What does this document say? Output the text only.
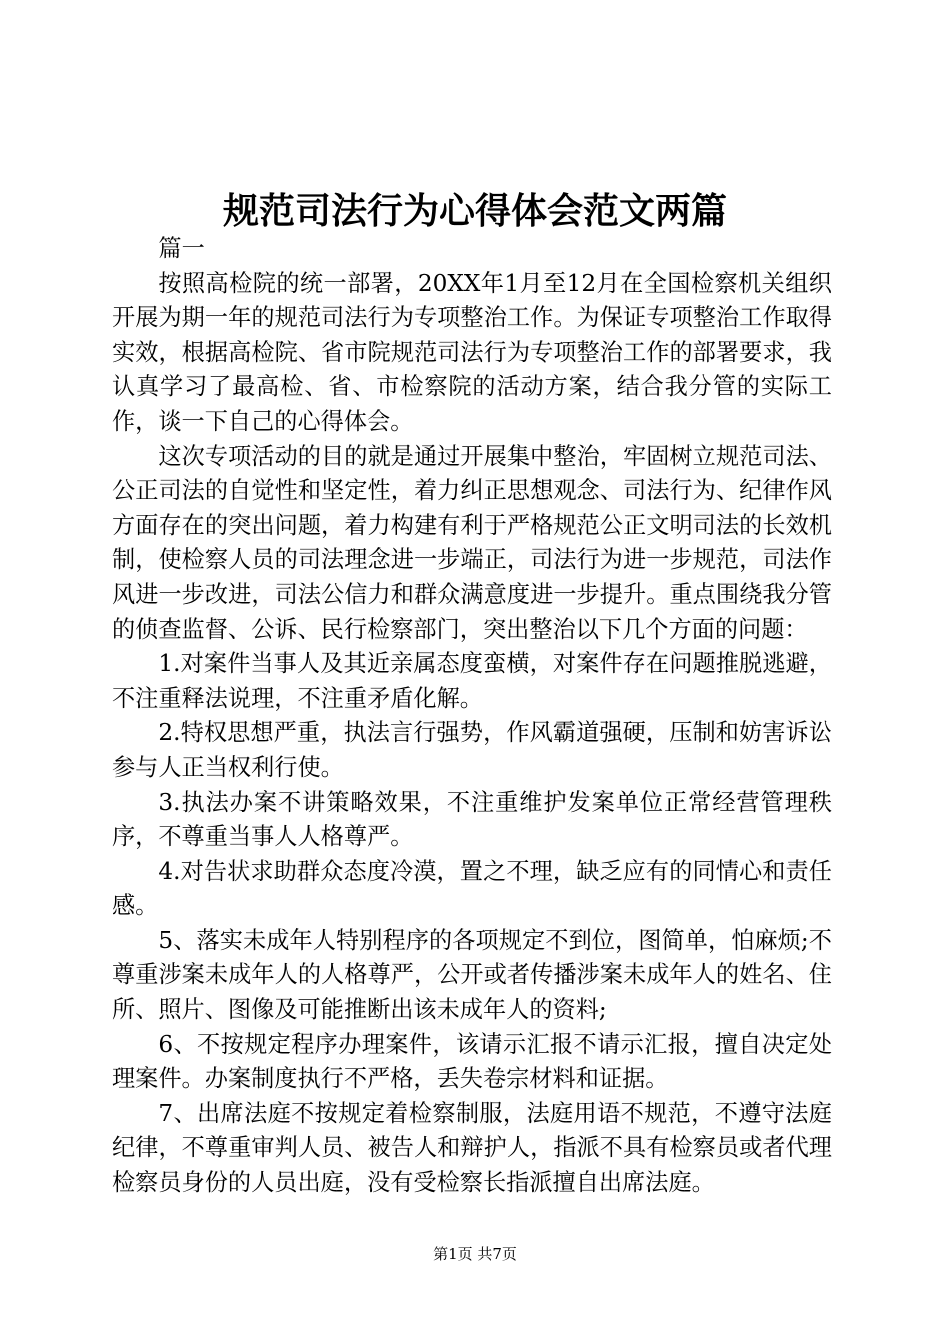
规范司法行为心得体会范文两篇

篇一

按照高检院的统一部署，20XX年1月至12月在全国检察机关组织开展为期一年的规范司法行为专项整治工作。为保证专项整治工作取得实效，根据高检院、省市院规范司法行为专项整治工作的部署要求，我认真学习了最高检、省、市检察院的活动方案，结合我分管的实际工作，谈一下自己的心得体会。

这次专项活动的目的就是通过开展集中整治，牢固树立规范司法、公正司法的自觉性和坚定性，着力纠正思想观念、司法行为、纪律作风方面存在的突出问题，着力构建有利于严格规范公正文明司法的长效机制，使检察人员的司法理念进一步端正，司法行为进一步规范，司法作风进一步改进，司法公信力和群众满意度进一步提升。重点围绕我分管的侦查监督、公诉、民行检察部门，突出整治以下几个方面的问题：

1.对案件当事人及其近亲属态度蛮横，对案件存在问题推脱逃避，不注重释法说理，不注重矛盾化解。

2.特权思想严重，执法言行强势，作风霸道强硬，压制和妨害诉讼参与人正当权利行使。

3.执法办案不讲策略效果，不注重维护发案单位正常经营管理秩序，不尊重当事人人格尊严。

4.对告状求助群众态度冷漠，置之不理，缺乏应有的同情心和责任感。

5、落实未成年人特别程序的各项规定不到位，图简单，怕麻烦;不尊重涉案未成年人的人格尊严，公开或者传播涉案未成年人的姓名、住所、照片、图像及可能推断出该未成年人的资料;

6、不按规定程序办理案件，该请示汇报不请示汇报，擅自决定处理案件。办案制度执行不严格，丢失卷宗材料和证据。

7、出席法庭不按规定着检察制服，法庭用语不规范，不遵守法庭纪律，不尊重审判人员、被告人和辩护人，指派不具有检察员或者代理检察员身份的人员出庭，没有受检察长指派擅自出席法庭。

第1页 共7页
